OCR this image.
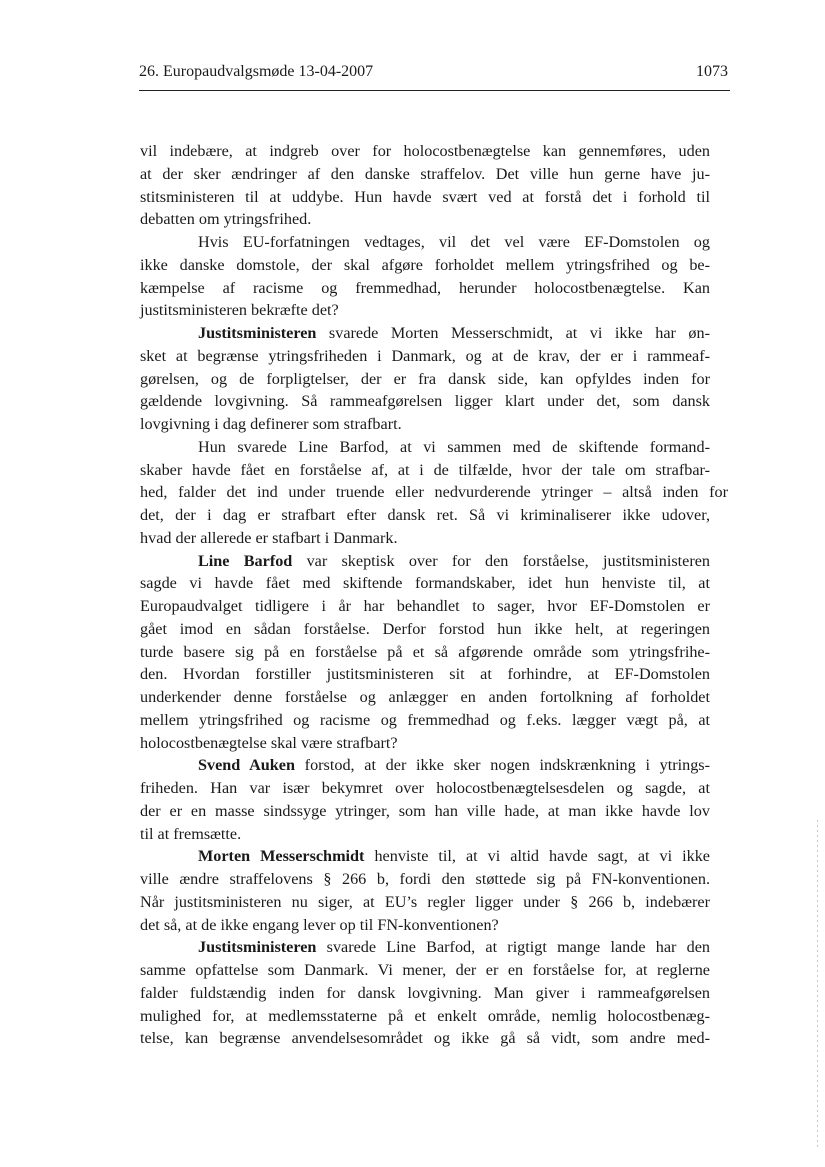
26. Europaudvalgsmøde 13-04-2007	1073
vil indebære, at indgreb over for holocostbenægtelse kan gennemføres, uden
at der sker ændringer af den danske straffelov. Det ville hun gerne have ju-
stitsministeren til at uddybe. Hun havde svært ved at forstå det i forhold til
debatten om ytringsfrihed.
Hvis EU-forfatningen vedtages, vil det vel være EF-Domstolen og
ikke danske domstole, der skal afgøre forholdet mellem ytringsfrihed og be-
kæmpelse af racisme og fremmedhad, herunder holocostbenægtelse. Kan
justitsministeren bekræfte det?
Justitsministeren svarede Morten Messerschmidt, at vi ikke har øn-
sket at begrænse ytringsfriheden i Danmark, og at de krav, der er i rammeaf-
gørelsen, og de forpligtelser, der er fra dansk side, kan opfyldes inden for
gældende lovgivning. Så rammeafgørelsen ligger klart under det, som dansk
lovgivning i dag definerer som strafbart.
Hun svarede Line Barfod, at vi sammen med de skiftende formand-
skaber havde fået en forståelse af, at i de tilfælde, hvor der tale om strafbar-
hed, falder det ind under truende eller nedvurderende ytringer – altså inden for
det, der i dag er strafbart efter dansk ret. Så vi kriminaliserer ikke udover,
hvad der allerede er stafbart i Danmark.
Line Barfod var skeptisk over for den forståelse, justitsministeren
sagde vi havde fået med skiftende formandskaber, idet hun henviste til, at
Europaudvalget tidligere i år har behandlet to sager, hvor EF-Domstolen er
gået imod en sådan forståelse. Derfor forstod hun ikke helt, at regeringen
turde basere sig på en forståelse på et så afgørende område som ytringsfrihe-
den. Hvordan forstiller justitsministeren sit at forhindre, at EF-Domstolen
underkender denne forståelse og anlægger en anden fortolkning af forholdet
mellem ytringsfrihed og racisme og fremmedhad og f.eks. lægger vægt på, at
holocostbenægtelse skal være strafbart?
Svend Auken forstod, at der ikke sker nogen indskrænkning i ytrings-
friheden. Han var især bekymret over holocostbenægtelsesdelen og sagde, at
der er en masse sindssyge ytringer, som han ville hade, at man ikke havde lov
til at fremsætte.
Morten Messerschmidt henviste til, at vi altid havde sagt, at vi ikke
ville ændre straffelovens § 266 b, fordi den støttede sig på FN-konventionen.
Når justitsministeren nu siger, at EU’s regler ligger under § 266 b, indebærer
det så, at de ikke engang lever op til FN-konventionen?
Justitsministeren svarede Line Barfod, at rigtigt mange lande har den
samme opfattelse som Danmark. Vi mener, der er en forståelse for, at reglerne
falder fuldstændig inden for dansk lovgivning. Man giver i rammeafgørelsen
mulighed for, at medlemsstaterne på et enkelt område, nemlig holocostbenæg-
telse, kan begrænse anvendelsesområdet og ikke gå så vidt, som andre med-
